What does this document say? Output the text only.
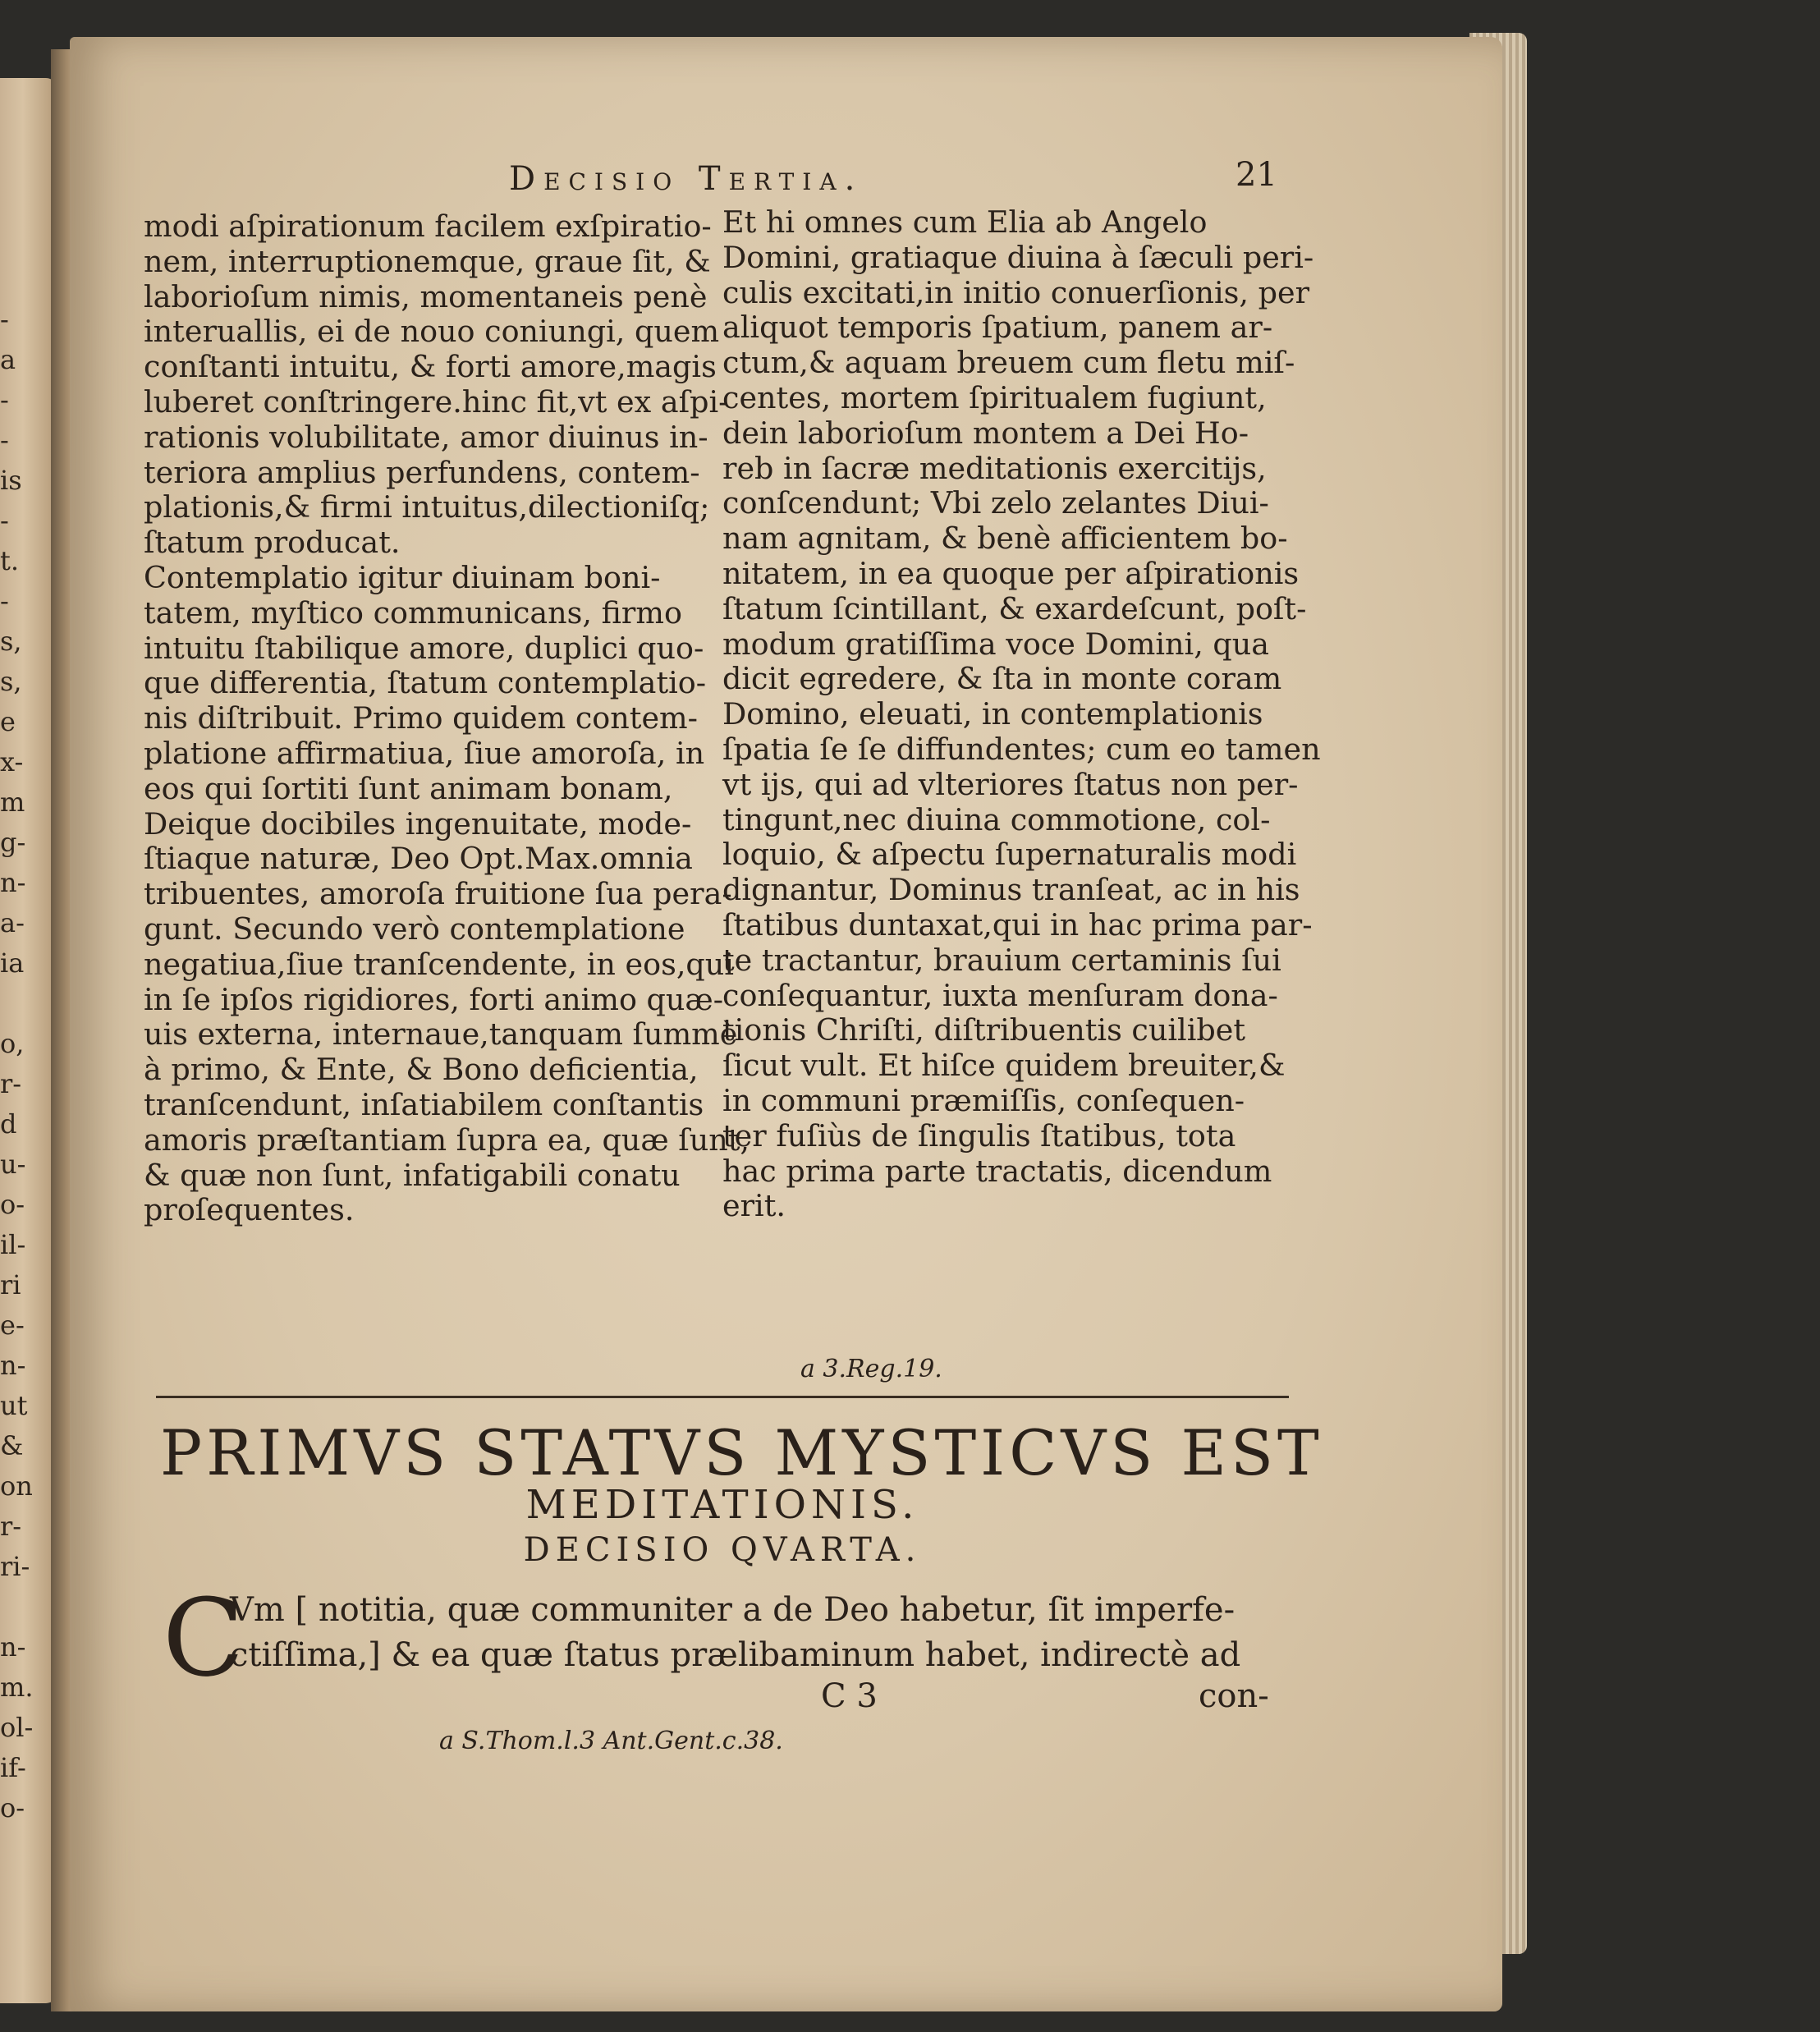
-
a
-
-
is
-
t.
-
s,
s,
e
x-
m
g-
n-
a-
ia
o,
r-
d
u-
o-
il-
ri
e-
n-
ut
&
on
r-
ri-
n-
m.
ol-
if-
o-
Decisio Tertia.	21

modi aſpirationum facilem exſpiratio-

nem, interruptionemque, graue ſit, &

laborioſum nimis, momentaneis penè

interuallis, ei de nouo coniungi, quem

conſtanti intuitu, & forti amore,magis

luberet conſtringere.hinc fit,vt ex aſpi-

rationis volubilitate, amor diuinus in-

teriora amplius perfundens, contem-

plationis,& firmi intuitus,dilectioniſq;

ſtatum producat.

Contemplatio igitur diuinam boni-

tatem, myſtico communicans, firmo

intuitu ſtabilique amore, duplici quo-

que differentia, ſtatum contemplatio-

nis diſtribuit. Primo quidem contem-

platione affirmatiua, ſiue amoroſa, in

eos qui ſortiti ſunt animam bonam,

Deique docibiles ingenuitate, mode-

ſtiaque naturæ, Deo Opt.Max.omnia

tribuentes, amoroſa fruitione ſua pera-

gunt. Secundo verò contemplatione

negatiua,ſiue tranſcendente, in eos,qui

in ſe ipſos rigidiores, forti animo quæ-

uis externa, internaue,tanquam ſummè

à primo, & Ente, & Bono deficientia,

tranſcendunt, inſatiabilem conſtantis

amoris præſtantiam ſupra ea, quæ ſunt,

& quæ non ſunt, infatigabili conatu

proſequentes.

Et hi omnes cum Elia ab Angelo

Domini, gratiaque diuina à ſæculi peri-

culis excitati,in initio conuerſionis, per

aliquot temporis ſpatium, panem ar-

ctum,& aquam breuem cum fletu miſ-

centes, mortem ſpiritualem fugiunt,

dein laborioſum montem a Dei Ho-

reb in ſacræ meditationis exercitijs,

conſcendunt; Vbi zelo zelantes Diui-

nam agnitam, & benè afficientem bo-

nitatem, in ea quoque per aſpirationis

ſtatum ſcintillant, & exardeſcunt, poſt-

modum gratiſſima voce Domini, qua

dicit egredere, & ſta in monte coram

Domino, eleuati, in contemplationis

ſpatia ſe ſe diffundentes; cum eo tamen

vt ijs, qui ad vlteriores ſtatus non per-

tingunt,nec diuina commotione, col-

loquio, & aſpectu ſupernaturalis modi

dignantur, Dominus tranſeat, ac in his

ſtatibus duntaxat,qui in hac prima par-

te tractantur, brauium certaminis ſui

conſequantur, iuxta menſuram dona-

tionis Chriſti, diſtribuentis cuilibet

ſicut vult. Et hiſce quidem breuiter,&

in communi præmiſſis, conſequen-

ter fuſiùs de ſingulis ſtatibus, tota

hac prima parte tractatis, dicendum

erit.

a 3.Reg.19.
PRIMVS STATVS MYSTICVS EST
MEDITATIONIS.
DECISIO QVARTA.
C
Vm [ notitia, quæ communiter a de Deo habetur, ſit imperfe-
ctiſſima,] & ea quæ ſtatus prælibaminum habet, indirectè ad
C 3	con-
a S.Thom.l.3 Ant.Gent.c.38.
